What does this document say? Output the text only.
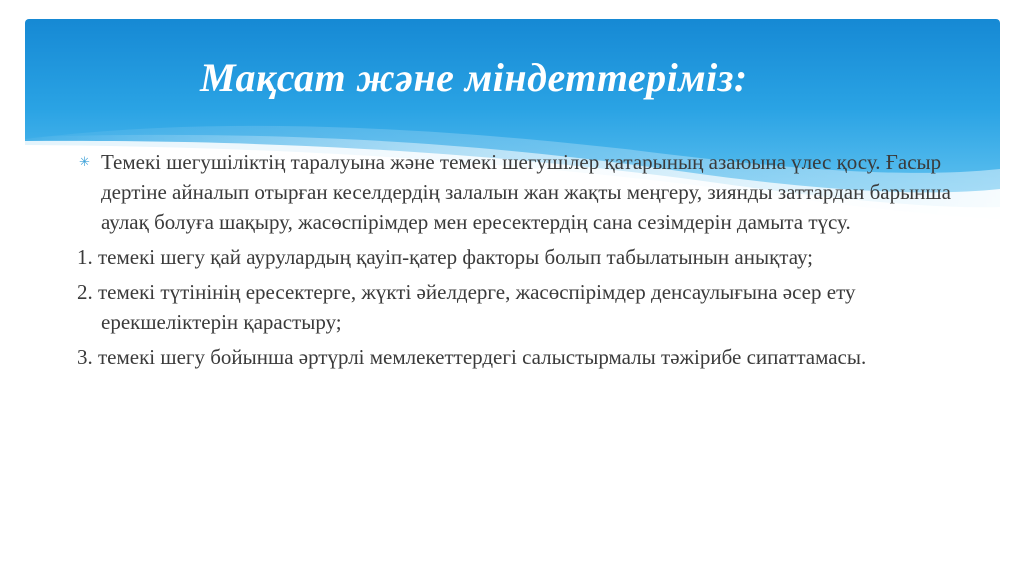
Мақсат және міндеттеріміз:

✳ Темекі шегушіліктің таралуына және темекі шегушілер қатарының азаюына үлес қосу. Ғасыр дертіне айналып отырған кеселдердің залалын жан жақты меңгеру, зиянды заттардан барынша аулақ болуға шақыру, жасөспірімдер мен ересектердің сана сезімдерін дамыта түсу.

1. темекі шегу қай аурулардың қауіп-қатер факторы болып табылатынын анықтау;

2. темекі түтінінің ересектерге, жүкті әйелдерге, жасөспірімдер денсаулығына әсер ету ерекшеліктерін қарастыру;

3. темекі шегу бойынша әртүрлі мемлекеттердегі салыстырмалы тәжірибе сипаттамасы.
